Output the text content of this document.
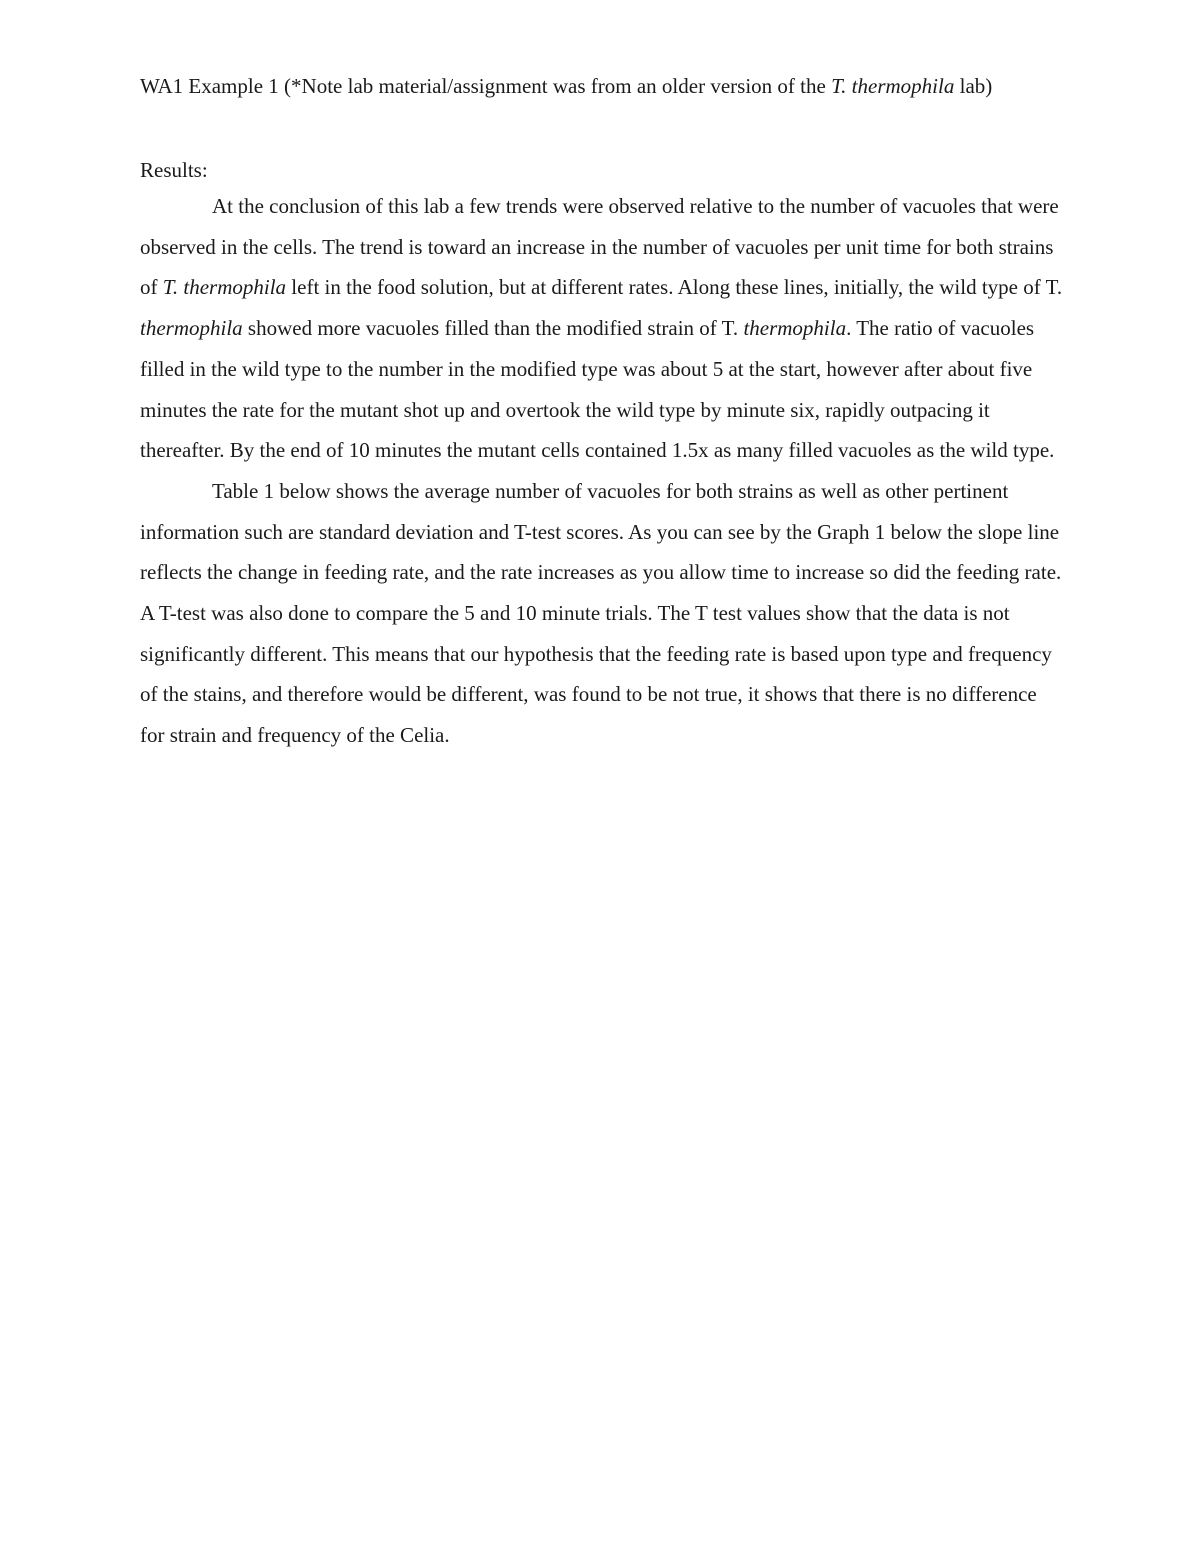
WA1 Example 1 (*Note lab material/assignment was from an older version of the T. thermophila lab)

Results:

At the conclusion of this lab a few trends were observed relative to the number of vacuoles that were observed in the cells. The trend is toward an increase in the number of vacuoles per unit time for both strains of T. thermophila left in the food solution, but at different rates. Along these lines, initially, the wild type of T. thermophila showed more vacuoles filled than the modified strain of T. thermophila. The ratio of vacuoles filled in the wild type to the number in the modified type was about 5 at the start, however after about five minutes the rate for the mutant shot up and overtook the wild type by minute six, rapidly outpacing it thereafter. By the end of 10 minutes the mutant cells contained 1.5x as many filled vacuoles as the wild type.

Table 1 below shows the average number of vacuoles for both strains as well as other pertinent information such are standard deviation and T-test scores. As you can see by the Graph 1 below the slope line reflects the change in feeding rate, and the rate increases as you allow time to increase so did the feeding rate. A T-test was also done to compare the 5 and 10 minute trials. The T test values show that the data is not significantly different. This means that our hypothesis that the feeding rate is based upon type and frequency of the stains, and therefore would be different, was found to be not true, it shows that there is no difference for strain and frequency of the Celia.
